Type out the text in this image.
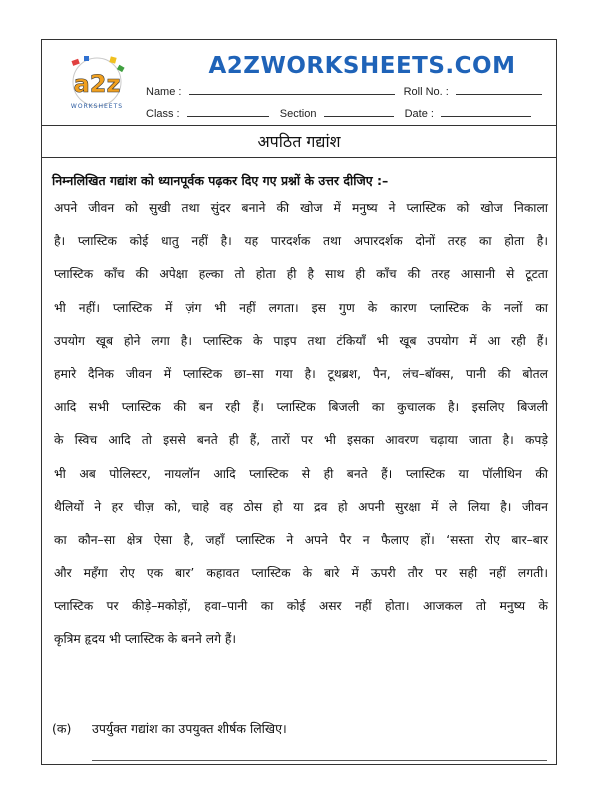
a2z
WORKSHEETS
A2ZWORKSHEETS.COM
Name :	Roll No. :
Class :	Section	Date :
अपठित गद्यांश
निम्नलिखित गद्यांश को ध्यानपूर्वक पढ़कर दिए गए प्रश्नों के उत्तर दीजिए :–
अपने जीवन को सुखी तथा सुंदर बनाने की खोज में मनुष्य ने प्लास्टिक को खोज निकाला
है। प्लास्टिक कोई धातु नहीं है। यह पारदर्शक तथा अपारदर्शक दोनों तरह का होता है।
प्लास्टिक काँच की अपेक्षा हल्का तो होता ही है साथ ही काँच की तरह आसानी से टूटता
भी नहीं। प्लास्टिक में ज़ंग भी नहीं लगता। इस गुण के कारण प्लास्टिक के नलों का
उपयोग खूब होने लगा है। प्लास्टिक के पाइप तथा टंकियाँ भी खूब उपयोग में आ रही हैं।
हमारे दैनिक जीवन में प्लास्टिक छा–सा गया है। टूथब्रश, पैन, लंच–बॉक्स, पानी की बोतल
आदि सभी प्लास्टिक की बन रही हैं। प्लास्टिक बिजली का कुचालक है। इसलिए बिजली
के स्विच आदि तो इससे बनते ही हैं, तारों पर भी इसका आवरण चढ़ाया जाता है। कपड़े
भी अब पोलिस्टर, नायलॉन आदि प्लास्टिक से ही बनते हैं। प्लास्टिक या पॉलीथिन की
थैलियों ने हर चीज़ को, चाहे वह ठोस हो या द्रव हो अपनी सुरक्षा में ले लिया है। जीवन
का कौन–सा क्षेत्र ऐसा है, जहाँ प्लास्टिक ने अपने पैर न फैलाए हों। ‘सस्ता रोए बार–बार
और महँगा रोए एक बार’ कहावत प्लास्टिक के बारे में ऊपरी तौर पर सही नहीं लगती।
प्लास्टिक पर कीड़े–मकोड़ों, हवा–पानी का कोई असर नहीं होता। आजकल तो मनुष्य के
कृत्रिम हृदय भी प्लास्टिक के बनने लगे हैं।
(क) उपर्युक्त गद्यांश का उपयुक्त शीर्षक लिखिए।
